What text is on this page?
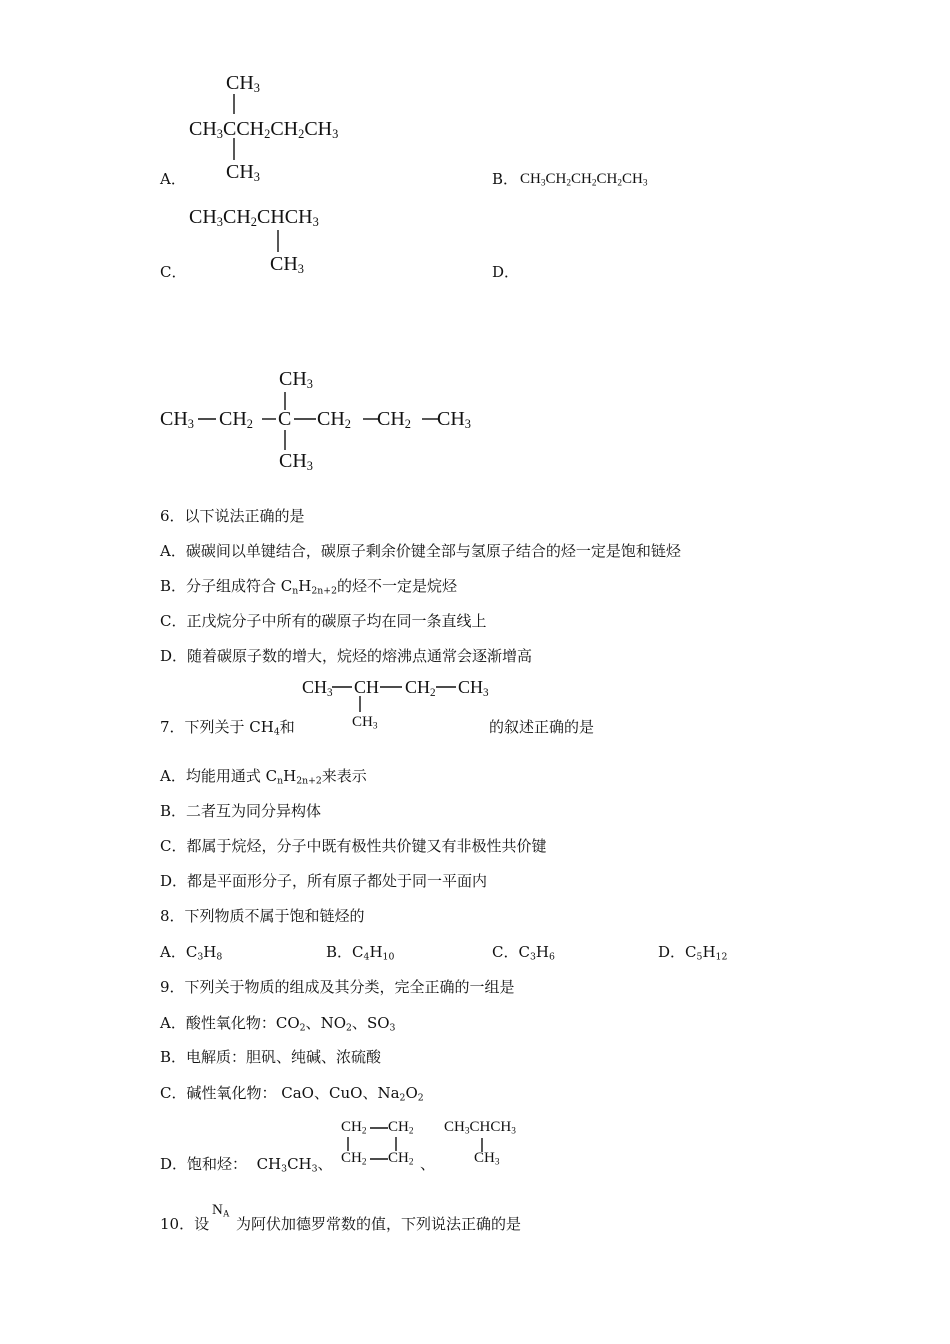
$CH_3$
$CH_3CCH_2CH_2CH_3$
$CH_3$
A．	B． $CH_3CH_2CH_2CH_2CH_3$
$CH_3CH_2CHCH_3$
$CH_3$
C．	D．
$CH_3$
$CH_3$ $CH_2$ C $CH_2$ $CH_2$ $CH_3$
$CH_3$
6．以下说法正确的是
A．碳碳间以单键结合，碳原子剩余价键全部与氢原子结合的烃一定是饱和链烃
B．分子组成符合 $C_nH_{2n+2}$的烃不一定是烷烃
C．正戊烷分子中所有的碳原子均在同一条直线上
D．随着碳原子数的增大，烷烃的熔沸点通常会逐渐增高
$CH_3$ CH $CH_2$ $CH_3$
$CH_3$
7．下列关于 $CH_4$和	的叙述正确的是
A．均能用通式 $C_nH_{2n+2}$来表示
B．二者互为同分异构体
C．都属于烷烃，分子中既有极性共价键又有非极性共价键
D．都是平面形分子，所有原子都处于同一平面内
8．下列物质不属于饱和链烃的
A．$C_3H_8$	B．$C_4H_{10}$	C．$C_3H_6$	D．$C_5H_{12}$
9．下列关于物质的组成及其分类，完全正确的一组是
A．酸性氧化物：$CO_2$、$NO_2$、$SO_3$
B．电解质：胆矾、纯碱、浓硫酸
C．碱性氧化物： CaO、CuO、$Na_2O_2$
D．饱和烃： $CH_3CH_3$、
$CH_2$ $CH_2$
$CH_2$ $CH_2$ 、
$CH_3CHCH_3$
$CH_3$
10．设
$N_A$
为阿伏加德罗常数的值，下列说法正确的是
